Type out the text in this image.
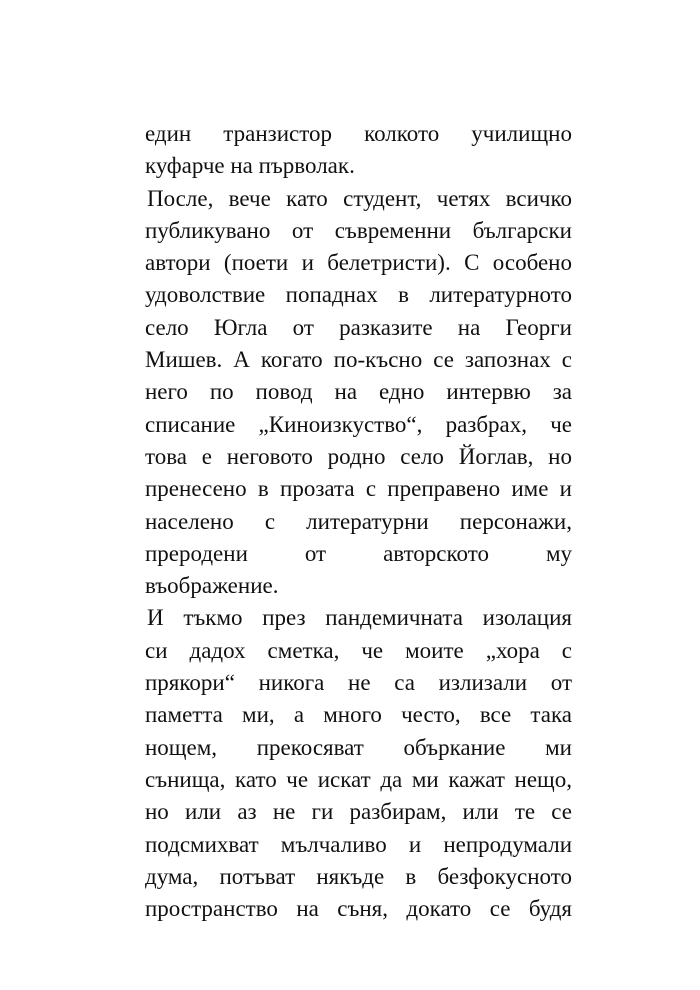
един транзистор колкото училищно
куфарче на първолак.
После, вече като студент, четях всичко
публикувано от съвременни български
автори (поети и белетристи). С особено
удоволствие попаднах в литературното
село Югла от разказите на Георги
Мишев. А когато по-късно се запознах с
него по повод на едно интервю за
списание „Киноизкуство“, разбрах, че
това е неговото родно село Йоглав, но
пренесено в прозата с преправено име и
населено с литературни персонажи,
преродени от авторското му
въображение.
И тъкмо през пандемичната изолация
си дадох сметка, че моите „хора с
прякори“ никога не са излизали от
паметта ми, а много често, все така
нощем, прекосяват объркание ми
сънища, като че искат да ми кажат нещо,
но или аз не ги разбирам, или те се
подсмихват мълчаливо и непродумали
дума, потъват някъде в безфокусното
пространство на съня, докато се будя
